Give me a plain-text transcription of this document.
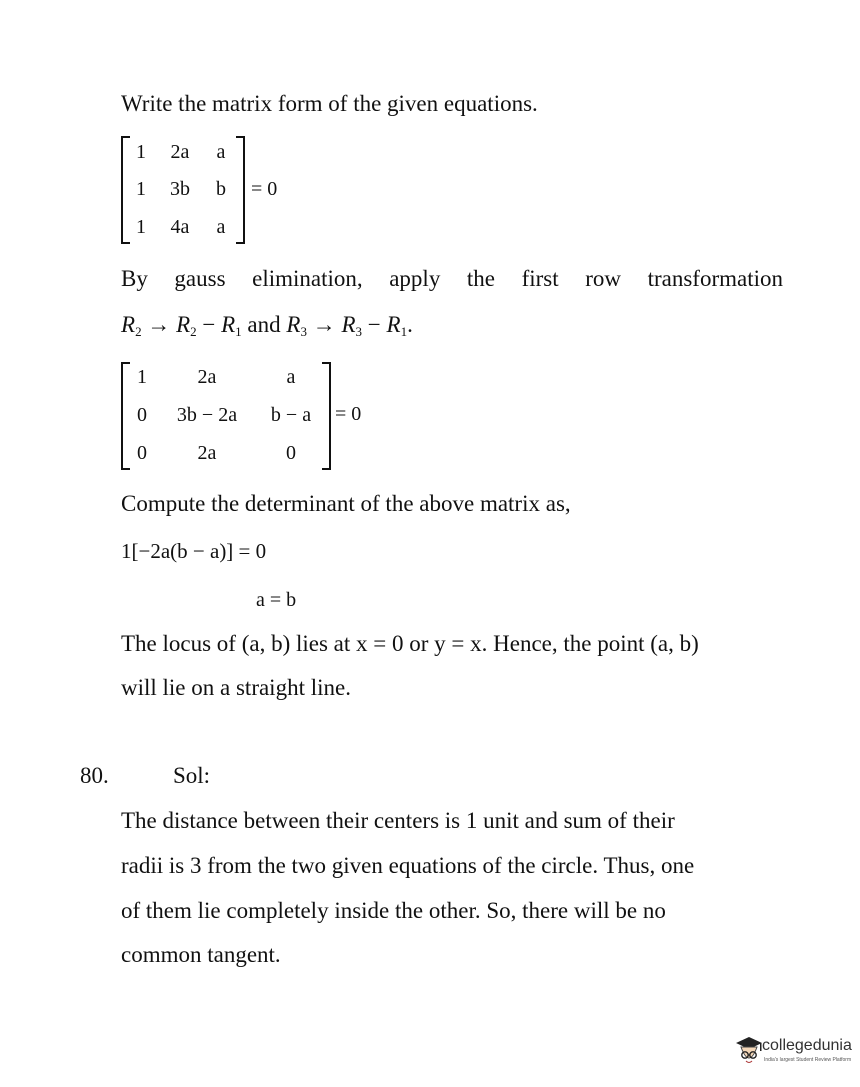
Write the matrix form of the given equations.
1	2a	a
1	3b	b
1	4a	a
= 0
By gauss elimination, apply the first row transformation
$R_2 \to R_2 - R_1$ and $R_3 \to R_3 - R_1$.
1	2a	a
0	3b − 2a	b − a
0	2a	0
= 0
Compute the determinant of the above matrix as,
1[−2a(b − a)] = 0
a = b
The locus of (a, b) lies at x = 0 or y = x. Hence, the point (a, b)
will lie on a straight line.
80.	Sol:
The distance between their centers is 1 unit and sum of their
radii is 3 from the two given equations of the circle. Thus, one
of them lie completely inside the other. So, there will be no
common tangent.
collegedunia
India's largest Student Review Platform
